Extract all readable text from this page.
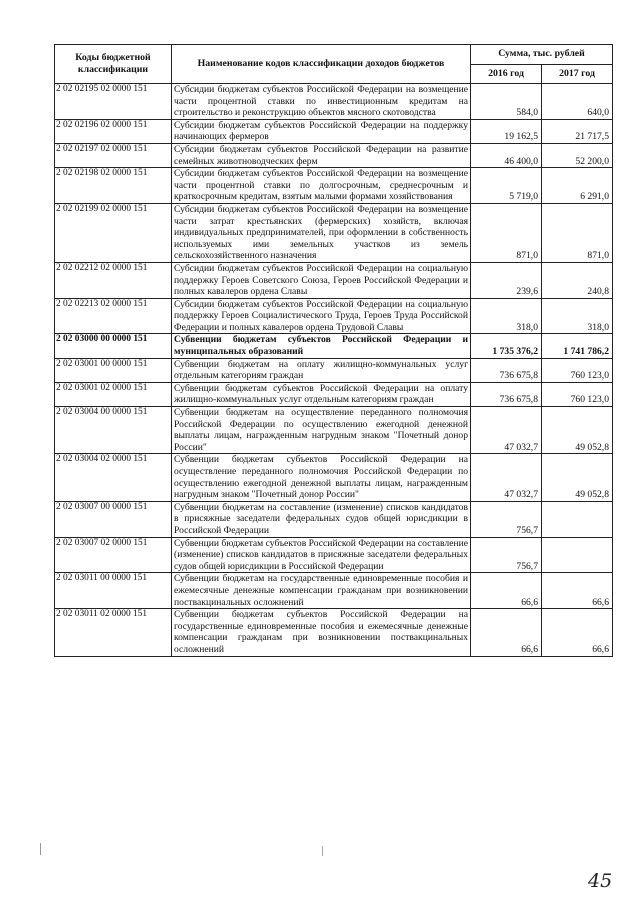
Коды бюджетной классификации	Наименование кодов классификации доходов бюджетов	Сумма, тыс. рублей	
		2016 год	2017 год
2 02 02195 02 0000 151	Субсидии бюджетам субъектов Российской Федерации на возмещение части процентной ставки по инвестиционным кредитам на строительство и реконструкцию объектов мясного скотоводства	584,0	640,0
2 02 02196 02 0000 151	Субсидии бюджетам субъектов Российской Федерации на поддержку начинающих фермеров	19 162,5	21 717,5
2 02 02197 02 0000 151	Субсидии бюджетам субъектов Российской Федерации на развитие семейных животноводческих ферм	46 400,0	52 200,0
2 02 02198 02 0000 151	Субсидии бюджетам субъектов Российской Федерации на возмещение части процентной ставки по долгосрочным, среднесрочным и краткосрочным кредитам, взятым малыми формами хозяйствования	5 719,0	6 291,0
2 02 02199 02 0000 151	Субсидии бюджетам субъектов Российской Федерации на возмещение части затрат крестьянских (фермерских) хозяйств, включая индивидуальных предпринимателей, при оформлении в собственность используемых ими земельных участков из земель сельскохозяйственного назначения	871,0	871,0
2 02 02212 02 0000 151	Субсидии бюджетам субъектов Российской Федерации на социальную поддержку Героев Советского Союза, Героев Российской Федерации и полных кавалеров ордена Славы	239,6	240,8
2 02 02213 02 0000 151	Субсидии бюджетам субъектов Российской Федерации на социальную поддержку Героев Социалистического Труда, Героев Труда Российской Федерации и полных кавалеров ордена Трудовой Славы	318,0	318,0
2 02 03000 00 0000 151	Субвенции бюджетам субъектов Российской Федерации и муниципальных образований	1 735 376,2	1 741 786,2
2 02 03001 00 0000 151	Субвенции бюджетам на оплату жилищно-коммунальных услуг отдельным категориям граждан	736 675,8	760 123,0
2 02 03001 02 0000 151	Субвенции бюджетам субъектов Российской Федерации на оплату жилищно-коммунальных услуг отдельным категориям граждан	736 675,8	760 123,0
2 02 03004 00 0000 151	Субвенции бюджетам на осуществление переданного полномочия Российской Федерации по осуществлению ежегодной денежной выплаты лицам, награжденным нагрудным знаком "Почетный донор России"	47 032,7	49 052,8
2 02 03004 02 0000 151	Субвенции бюджетам субъектов Российской Федерации на осуществление переданного полномочия Российской Федерации по осуществлению ежегодной денежной выплаты лицам, награжденным нагрудным знаком "Почетный донор России"	47 032,7	49 052,8
2 02 03007 00 0000 151	Субвенции бюджетам на составление (изменение) списков кандидатов в присяжные заседатели федеральных судов общей юрисдикции в Российской Федерации	756,7	
2 02 03007 02 0000 151	Субвенции бюджетам субъектов Российской Федерации на составление (изменение) списков кандидатов в присяжные заседатели федеральных судов общей юрисдикции в Российской Федерации	756,7	
2 02 03011 00 0000 151	Субвенции бюджетам на государственные единовременные пособия и ежемесячные денежные компенсации гражданам при возникновении поствакцинальных осложнений	66,6	66,6
2 02 03011 02 0000 151	Субвенции бюджетам субъектов Российской Федерации на государственные единовременные пособия и ежемесячные денежные компенсации гражданам при возникновении поствакцинальных осложнений	66,6	66,6
45
